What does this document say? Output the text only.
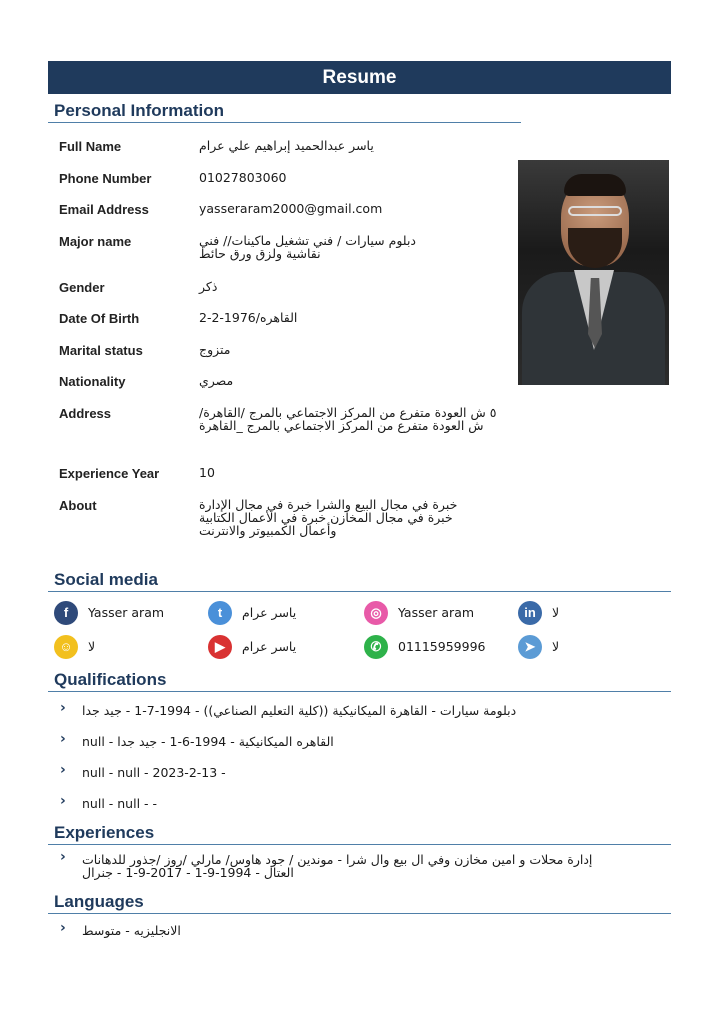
Resume
Personal Information
Full Name	ياسر عبدالحميد إبراهيم علي عرام
Phone Number	01027803060
Email Address	yasseraram2000@gmail.com
Major name	دبلوم سيارات / فني تشغيل ماكينات// فني نقاشية ولزق ورق حائط
Gender	ذكر
Date Of Birth	2-2-1976/القاهره
Marital status	متزوج
Nationality	مصري
Address	٥ ش العودة متفرع من المركز الاجتماعي بالمرج /القاهرة/ ش العودة متفرع من المركز الاجتماعي بالمرج _القاهرة
Experience Year	10
About	خبرة في مجال البيع والشرا خبرة في مجال الإدارة خبرة في مجال المخازن خبرة في الأعمال الكتابية وأعمال الكمبيوتر والانترنت
Social media
f	Yasser aram	t	ياسر عرام	◎	Yasser aram	in	لا
☺	لا	▶	ياسر عرام	✆	01115959996	➤	لا
Qualifications
› دبلومة سيارات - القاهرة الميكانيكية ((كلية التعليم الصناعي)) - 1994-7-1 - جيد جدا
› القاهره الميكانيكية - 1994-6-1 - جيد جدا - null
› null - null - 2023-2-13 -
› null - null - -
Experiences
› إدارة محلات و امين مخازن وفي ال بيع وال شرا - موندين / جود هاوس/ مارلي /روز /جذور للدهانات العتال - 1994-9-1 - 2017-9-1 - جنرال
Languages
› الانجليزيه - متوسط
